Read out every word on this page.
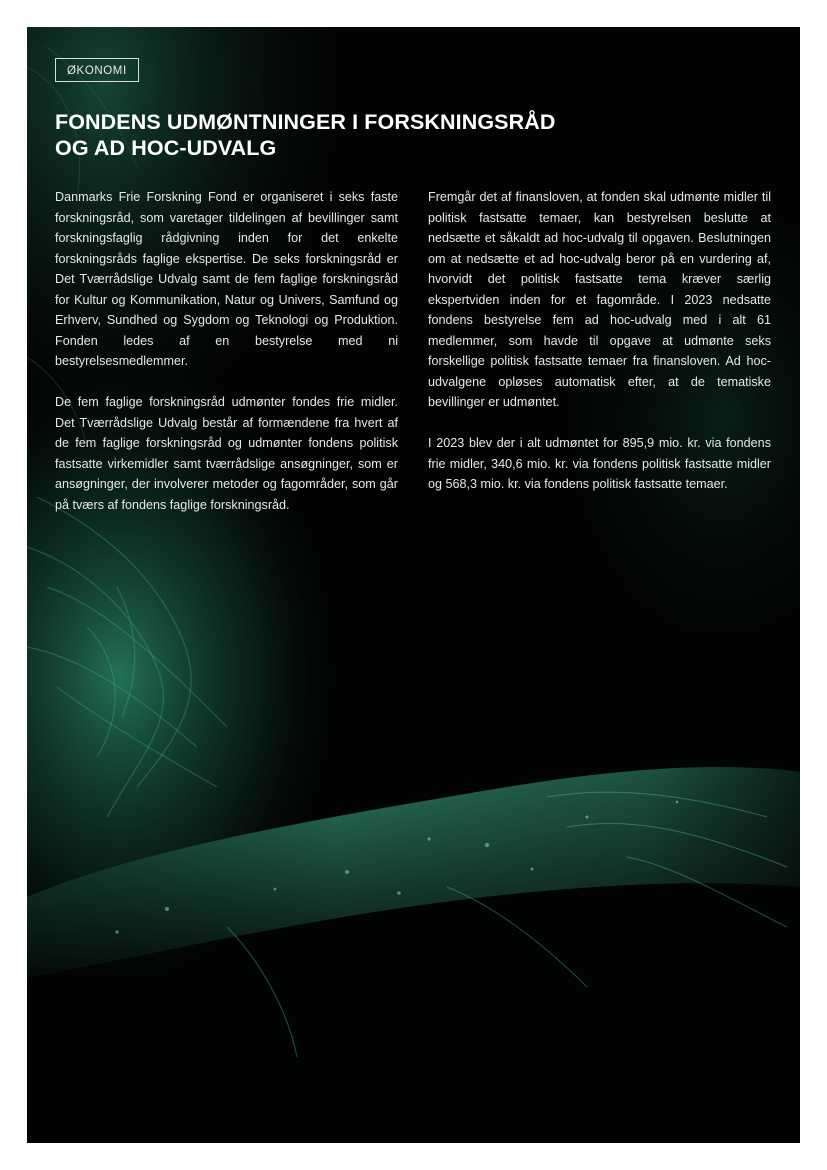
ØKONOMI
FONDENS UDMØNTNINGER I FORSKNINGSRÅD
OG AD HOC-UDVALG

Danmarks Frie Forskning Fond er organiseret i seks faste forskningsråd, som varetager tildelingen af bevillinger samt forskningsfaglig rådgivning inden for det enkelte forskningsråds faglige ekspertise. De seks forskningsråd er Det Tværrådslige Udvalg samt de fem faglige forskningsråd for Kultur og Kommunikation, Natur og Univers, Samfund og Erhverv, Sundhed og Sygdom og Teknologi og Produktion. Fonden ledes af en bestyrelse med ni bestyrelsesmedlemmer.

De fem faglige forskningsråd udmønter fondes frie midler. Det Tværrådslige Udvalg består af formændene fra hvert af de fem faglige forskningsråd og udmønter fondens politisk fastsatte virkemidler samt tværrådslige ansøgninger, som er ansøgninger, der involverer metoder og fagområder, som går på tværs af fondens faglige forskningsråd.

Fremgår det af finansloven, at fonden skal udmønte midler til politisk fastsatte temaer, kan bestyrelsen beslutte at nedsætte et såkaldt ad hoc-udvalg til opgaven. Beslutningen om at nedsætte et ad hoc-udvalg beror på en vurdering af, hvorvidt det politisk fastsatte tema kræver særlig ekspertviden inden for et fagområde. I 2023 nedsatte fondens bestyrelse fem ad hoc-udvalg med i alt 61 medlemmer, som havde til opgave at udmønte seks forskellige politisk fastsatte temaer fra finansloven. Ad hoc-udvalgene opløses automatisk efter, at de tematiske bevillinger er udmøntet.

I 2023 blev der i alt udmøntet for 895,9 mio. kr. via fondens frie midler, 340,6 mio. kr. via fondens politisk fastsatte midler og 568,3 mio. kr. via fondens politisk fastsatte temaer.
